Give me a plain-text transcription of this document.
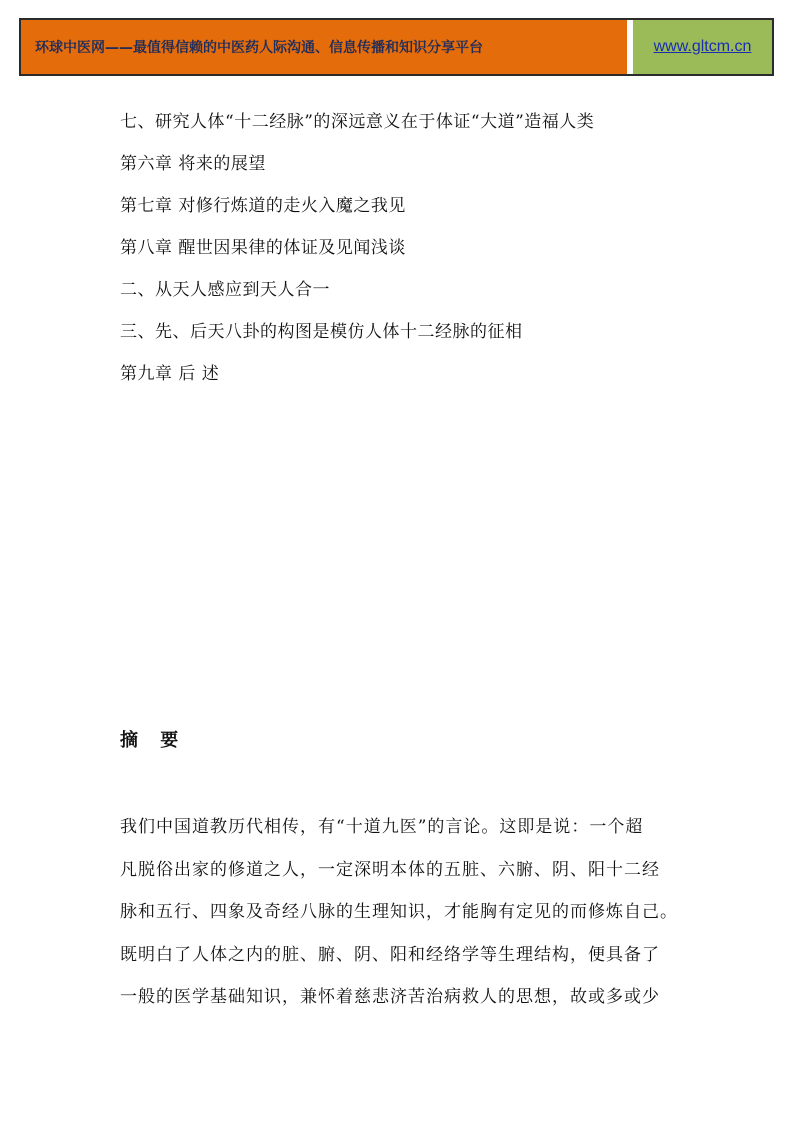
环球中医网——最值得信赖的中医药人际沟通、信息传播和知识分享平台	www.gltcm.cn
七、研究人体“十二经脉”的深远意义在于体证“大道”造福人类
第六章 将来的展望
第七章 对修行炼道的走火入魔之我见
第八章 醒世因果律的体证及见闻浅谈
二、从天人感应到天人合一
三、先、后天八卦的构图是模仿人体十二经脉的征相
第九章 后 述
摘 要
我们中国道教历代相传，有“十道九医”的言论。这即是说：一个超
凡脱俗出家的修道之人，一定深明本体的五脏、六腑、阴、阳十二经
脉和五行、四象及奇经八脉的生理知识，才能胸有定见的而修炼自己。
既明白了人体之内的脏、腑、阴、阳和经络学等生理结构，便具备了
一般的医学基础知识，兼怀着慈悲济苦治病救人的思想，故或多或少
